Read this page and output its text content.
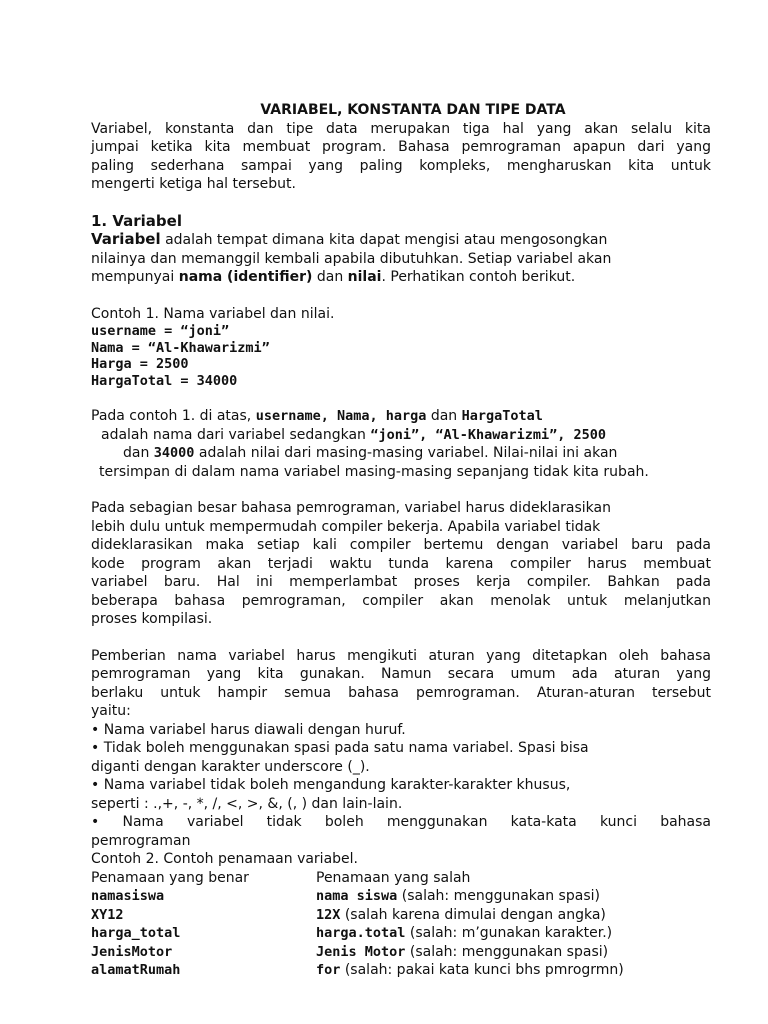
VARIABEL, KONSTANTA DAN TIPE DATA
Variabel, konstanta dan tipe data merupakan tiga hal yang akan selalu kita
jumpai ketika kita membuat program. Bahasa pemrograman apapun dari yang
paling sederhana sampai yang paling kompleks, mengharuskan kita untuk
mengerti ketiga hal tersebut.
1. Variabel
Variabel adalah tempat dimana kita dapat mengisi atau mengosongkan
nilainya dan memanggil kembali apabila dibutuhkan. Setiap variabel akan
mempunyai nama (identifier) dan nilai. Perhatikan contoh berikut.
Contoh 1. Nama variabel dan nilai.
username = “joni”
Nama = “Al-Khawarizmi”
Harga = 2500
HargaTotal = 34000
Pada contoh 1. di atas, username, Nama, harga dan HargaTotal
adalah nama dari variabel sedangkan “joni”, “Al-Khawarizmi”, 2500
dan 34000 adalah nilai dari masing-masing variabel. Nilai-nilai ini akan
tersimpan di dalam nama variabel masing-masing sepanjang tidak kita rubah.
Pada sebagian besar bahasa pemrograman, variabel harus dideklarasikan
lebih dulu untuk mempermudah compiler bekerja. Apabila variabel tidak
dideklarasikan maka setiap kali compiler bertemu dengan variabel baru pada
kode program akan terjadi waktu tunda karena compiler harus membuat
variabel baru. Hal ini memperlambat proses kerja compiler. Bahkan pada
beberapa bahasa pemrograman, compiler akan menolak untuk melanjutkan
proses kompilasi.
Pemberian nama variabel harus mengikuti aturan yang ditetapkan oleh bahasa
pemrograman yang kita gunakan. Namun secara umum ada aturan yang
berlaku untuk hampir semua bahasa pemrograman. Aturan-aturan tersebut
yaitu:
• Nama variabel harus diawali dengan huruf.
• Tidak boleh menggunakan spasi pada satu nama variabel. Spasi bisa
diganti dengan karakter underscore (_).
• Nama variabel tidak boleh mengandung karakter-karakter khusus,
seperti : .,+, -, *, /, <, >, &, (, ) dan lain-lain.
• Nama variabel tidak boleh menggunakan kata-kata kunci bahasa
pemrograman
Contoh 2. Contoh penamaan variabel.
Penamaan yang benar	Penamaan yang salah
namasiswa	nama siswa (salah: menggunakan spasi)
XY12	12X (salah karena dimulai dengan angka)
harga_total	harga.total (salah: m’gunakan karakter.)
JenisMotor	Jenis Motor (salah: menggunakan spasi)
alamatRumah	for (salah: pakai kata kunci bhs pmrogrmn)
